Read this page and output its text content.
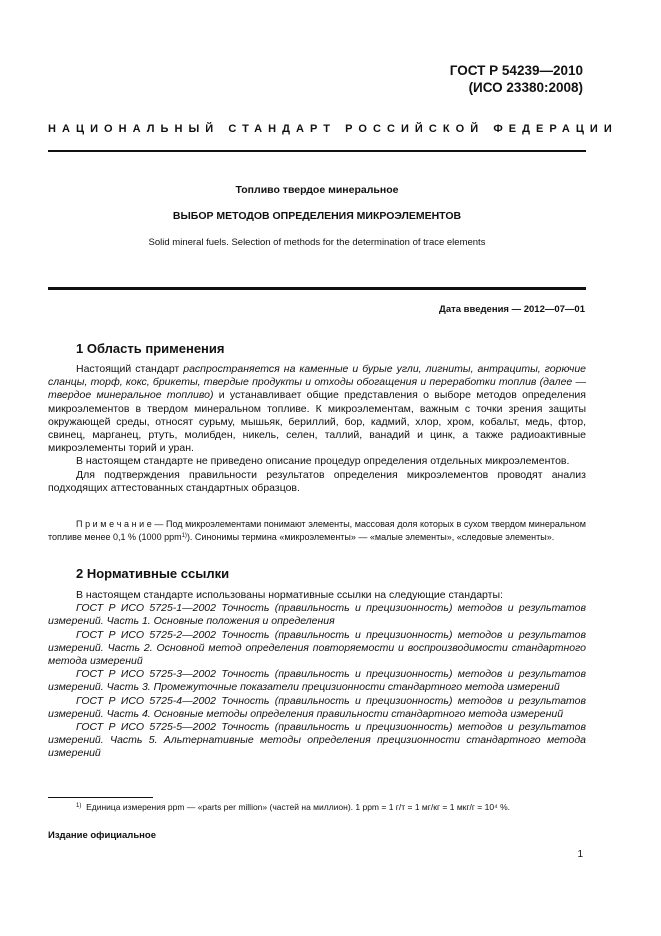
ГОСТ Р 54239—2010
(ИСО 23380:2008)
НАЦИОНАЛЬНЫЙ СТАНДАРТ РОССИЙСКОЙ ФЕДЕРАЦИИ
Топливо твердое минеральное
ВЫБОР МЕТОДОВ ОПРЕДЕЛЕНИЯ МИКРОЭЛЕМЕНТОВ
Solid mineral fuels. Selection of methods for the determination of trace elements
Дата введения — 2012—07—01
1 Область применения

Настоящий стандарт распространяется на каменные и бурые угли, лигниты, антрациты, горючие сланцы, торф, кокс, брикеты, твердые продукты и отходы обогащения и переработки топлив (далее — твердое минеральное топливо) и устанавливает общие представления о выборе методов определения микроэлементов в твердом минеральном топливе. К микроэлементам, важным с точки зрения защиты окружающей среды, относят сурьму, мышьяк, бериллий, бор, кадмий, хлор, хром, кобальт, медь, фтор, свинец, марганец, ртуть, молибден, никель, селен, таллий, ванадий и цинк, а также радиоактивные микроэлементы торий и уран.

В настоящем стандарте не приведено описание процедур определения отдельных микроэлементов.

Для подтверждения правильности результатов определения микроэлементов проводят анализ подходящих аттестованных стандартных образцов.

П р и м е ч а н и е — Под микроэлементами понимают элементы, массовая доля которых в сухом твердом минеральном топливе менее 0,1 % (1000 ppm$^{1)}$). Синонимы термина «микроэлементы» — «малые элементы», «следовые элементы».

2 Нормативные ссылки

В настоящем стандарте использованы нормативные ссылки на следующие стандарты:

ГОСТ Р ИСО 5725-1—2002 Точность (правильность и прецизионность) методов и результатов измерений. Часть 1. Основные положения и определения

ГОСТ Р ИСО 5725-2—2002 Точность (правильность и прецизионность) методов и результатов измерений. Часть 2. Основной метод определения повторяемости и воспроизводимости стандартного метода измерений

ГОСТ Р ИСО 5725-3—2002 Точность (правильность и прецизионность) методов и результатов измерений. Часть 3. Промежуточные показатели прецизионности стандартного метода измерений

ГОСТ Р ИСО 5725-4—2002 Точность (правильность и прецизионность) методов и результатов измерений. Часть 4. Основные методы определения правильности стандартного метода измерений

ГОСТ Р ИСО 5725-5—2002 Точность (правильность и прецизионность) методов и результатов измерений. Часть 5. Альтернативные методы определения прецизионности стандартного метода измерений

$^{1)}$ Единица измерения ppm — «parts per million» (частей на миллион). 1 ppm = 1 г/т = 1 мг/кг = 1 мкг/г = 10⁴ %.
Издание официальное
1
